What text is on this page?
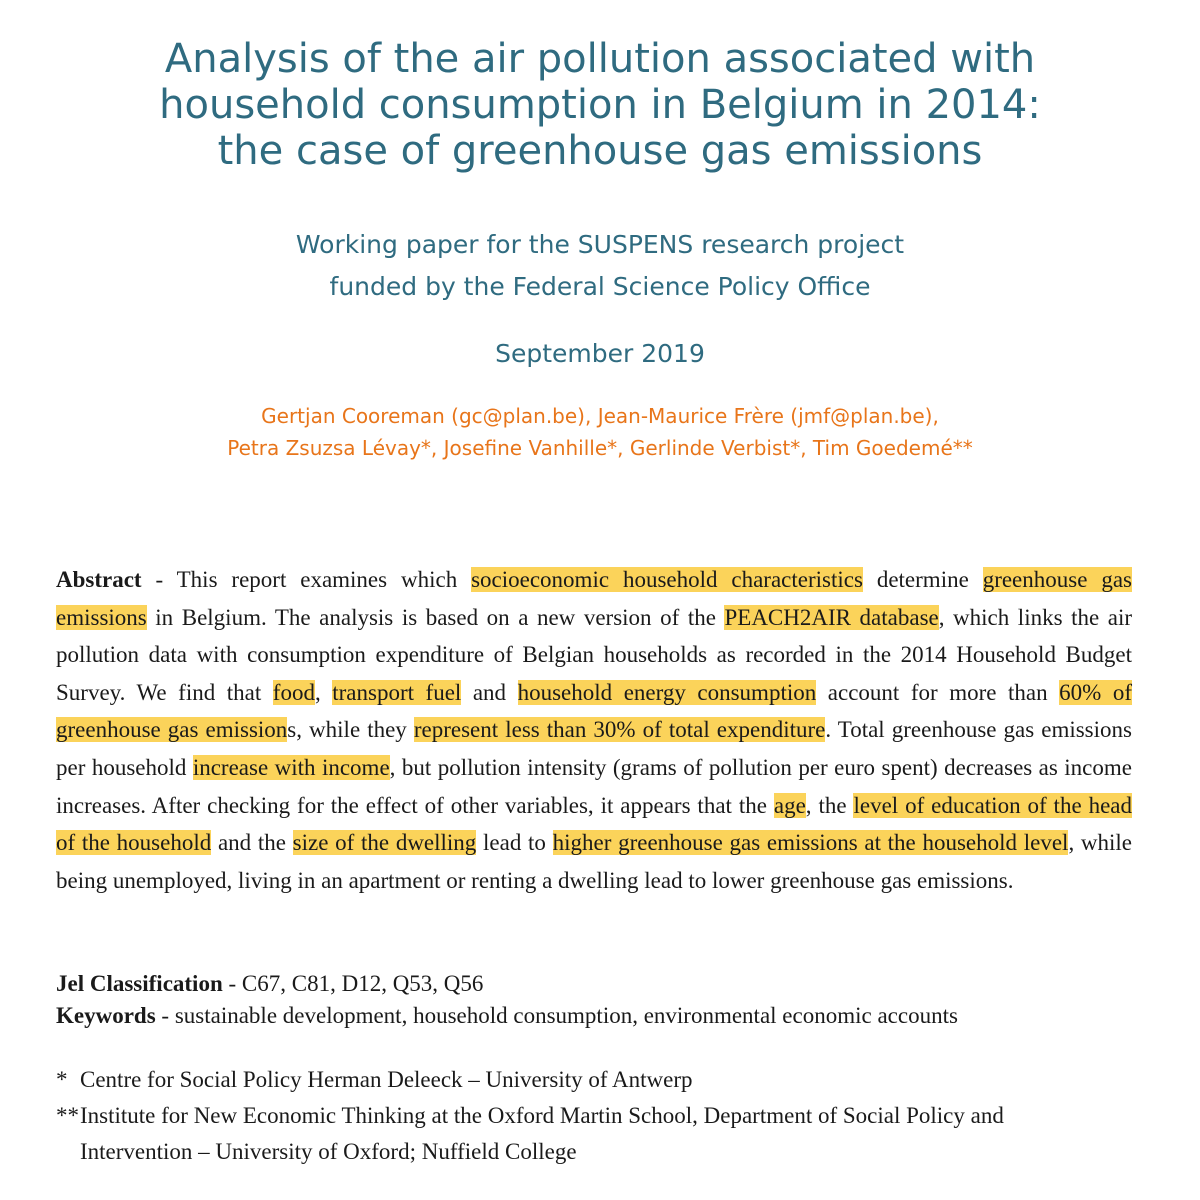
Analysis of the air pollution associated with
household consumption in Belgium in 2014:
the case of greenhouse gas emissions
Working paper for the SUSPENS research project
funded by the Federal Science Policy Office
September 2019
Gertjan Cooreman (gc@plan.be), Jean-Maurice Frère (jmf@plan.be),
Petra Zsuzsa Lévay*, Josefine Vanhille*, Gerlinde Verbist*, Tim Goedemé**

Abstract - This report examines which socioeconomic household characteristics determine greenhouse gas emissions in Belgium. The analysis is based on a new version of the PEACH2AIR database, which links the air pollution data with consumption expenditure of Belgian households as recorded in the 2014 Household Budget Survey. We find that food, transport fuel and household energy consumption account for more than 60% of greenhouse gas emissions, while they represent less than 30% of total expenditure. Total greenhouse gas emissions per household increase with income, but pollution intensity (grams of pollution per euro spent) decreases as income increases. After checking for the effect of other variables, it appears that the age, the level of education of the head of the household and the size of the dwelling lead to higher greenhouse gas emissions at the household level, while being unemployed, living in an apartment or renting a dwelling lead to lower greenhouse gas emissions.

Jel Classification - C67, C81, D12, Q53, Q56
Keywords - sustainable development, household consumption, environmental economic accounts
* Centre for Social Policy Herman Deleeck – University of Antwerp
** Institute for New Economic Thinking at the Oxford Martin School, Department of Social Policy and
Intervention – University of Oxford; Nuffield College
